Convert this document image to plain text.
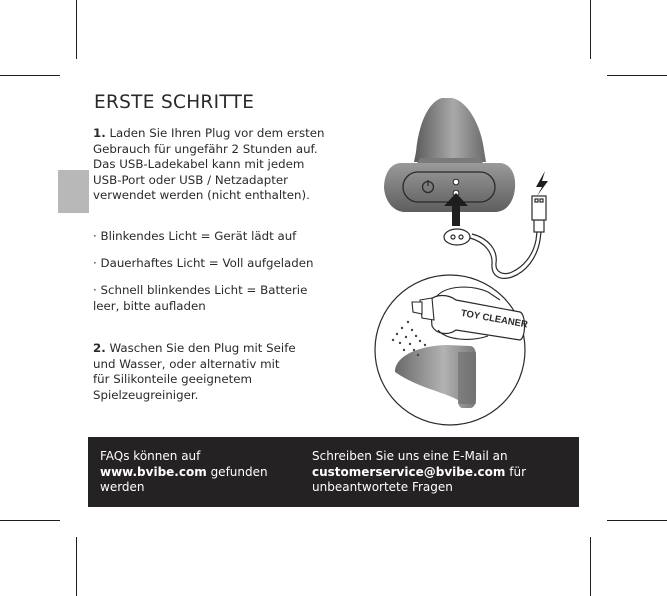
ERSTE SCHRITTE

1. Laden Sie Ihren Plug vor dem ersten Gebrauch für ungefähr 2 Stunden auf. Das USB-Ladekabel kann mit jedem USB-Port oder USB / Netzadapter verwendet werden (nicht enthalten).

· Blinkendes Licht = Gerät lädt auf

· Dauerhaftes Licht = Voll aufgeladen

· Schnell blinkendes Licht = Batterie leer, bitte aufladen

2. Waschen Sie den Plug mit Seife und Wasser, oder alternativ mit für Silikonteile geeignetem Spielzeugreiniger.

TOY CLEANER
FAQs können auf
www.bvibe.com gefunden werden
Schreiben Sie uns eine E-Mail an
customerservice@bvibe.com für unbeantwortete Fragen
